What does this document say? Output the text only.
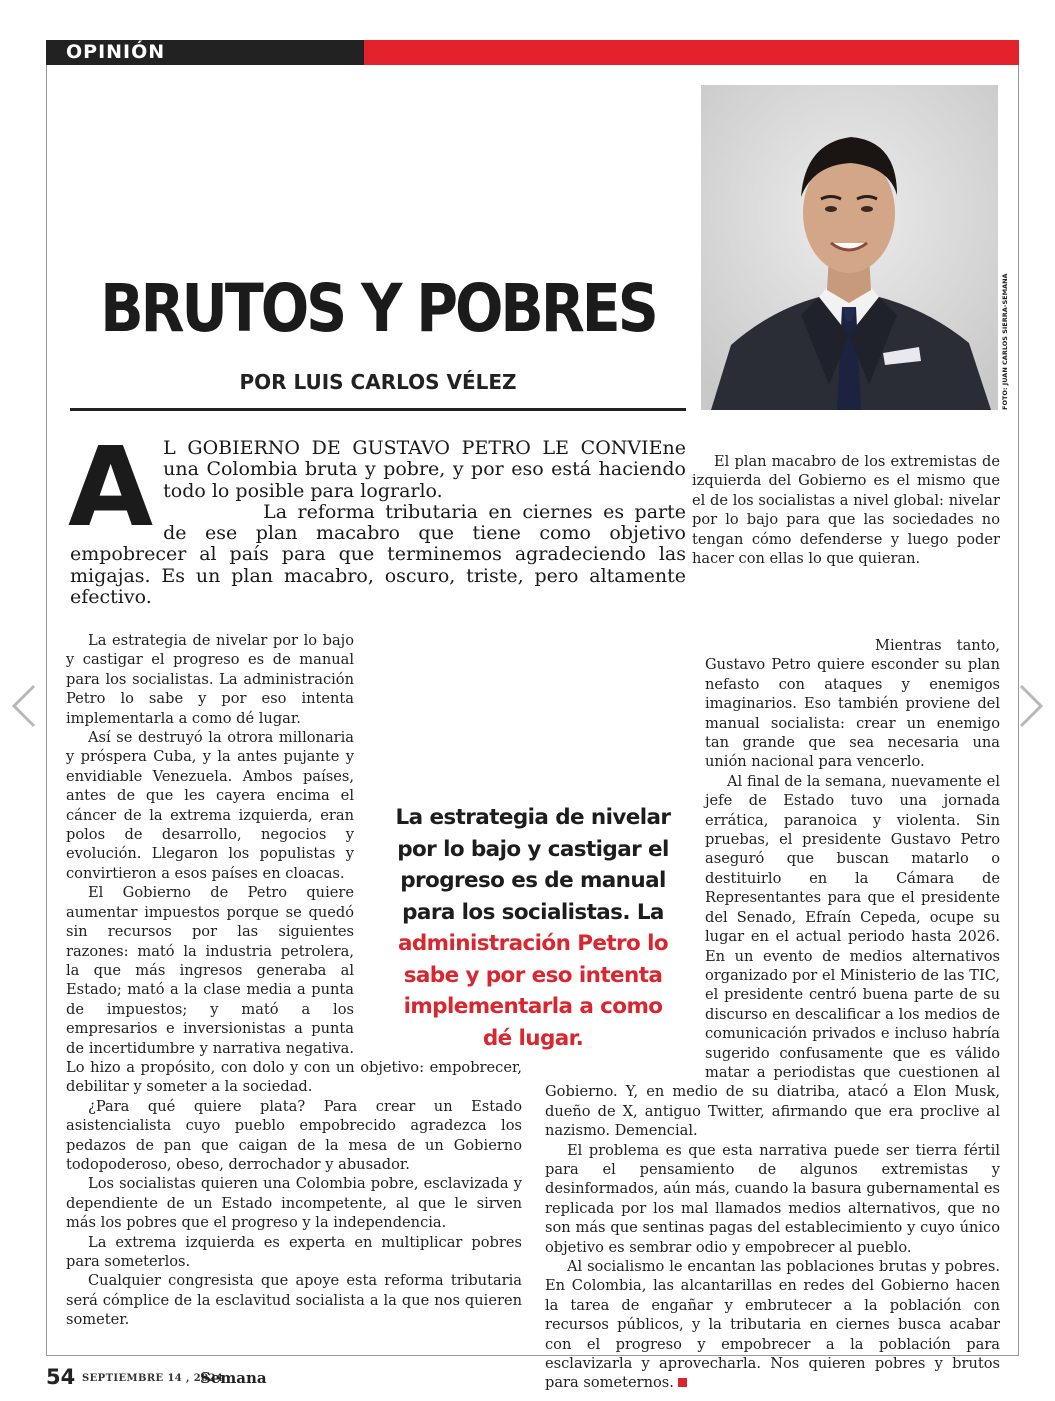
OPINIÓN
BRUTOS Y POBRES
POR LUIS CARLOS VÉLEZ	FOTO: JUAN CARLOS SIERRA-SEMANA
A L GOBIERNO DE GUSTAVO PETRO LE CONVIEne una Colombia bruta y pobre, y por eso está haciendo todo lo posible para lograrlo.

La reforma tributaria en ciernes es parte de ese plan macabro que tiene como objetivo empobrecer al país para que terminemos agradeciendo las migajas. Es un plan macabro, oscuro, triste, pero altamente efectivo.

La estrategia de nivelar por lo bajo y castigar el progreso es de manual para los socialistas. La administración Petro lo sabe y por eso intenta implementarla a como dé lugar.

Así se destruyó la otrora millonaria y próspera Cuba, y la antes pujante y envidiable Venezuela. Ambos países, antes de que les cayera encima el cáncer de la extrema izquierda, eran polos de desarrollo, negocios y evolución. Llegaron los populistas y convirtieron a esos países en cloacas.

El Gobierno de Petro quiere aumentar impuestos porque se quedó sin recursos por las siguientes razones: mató la industria petrolera, la que más ingresos generaba al Estado; mató a la clase media a punta de impuestos; y mató a los empresarios e inversionistas a punta de incertidumbre y narrativa negativa. Lo hizo a propósito, con dolo y con un objetivo: empobrecer, debilitar y someter a la sociedad.

¿Para qué quiere plata? Para crear un Estado asistencialista cuyo pueblo empobrecido agradezca los pedazos de pan que caigan de la mesa de un Gobierno todopoderoso, obeso, derrochador y abusador.

Los socialistas quieren una Colombia pobre, esclavizada y dependiente de un Estado incompetente, al que le sirven más los pobres que el progreso y la independencia.

La extrema izquierda es experta en multiplicar pobres para someterlos.

Cualquier congresista que apoye esta reforma tributaria será cómplice de la esclavitud socialista a la que nos quieren someter.

El plan macabro de los extremistas de izquierda del Gobierno es el mismo que el de los socialistas a nivel global: nivelar por lo bajo para que las sociedades no tengan cómo defenderse y luego poder hacer con ellas lo que quieran.

Mientras tanto, Gustavo Petro quiere esconder su plan nefasto con ataques y enemigos imaginarios. Eso también proviene del manual socialista: crear un enemigo tan grande que sea necesaria una unión nacional para vencerlo.

Al final de la semana, nuevamente el jefe de Estado tuvo una jornada errática, paranoica y violenta. Sin pruebas, el presidente Gustavo Petro aseguró que buscan matarlo o destituirlo en la Cámara de Representantes para que el presidente del Senado, Efraín Cepeda, ocupe su lugar en el actual periodo hasta 2026. En un evento de medios alternativos organizado por el Ministerio de las TIC, el presidente centró buena parte de su discurso en descalificar a los medios de comunicación privados e incluso habría sugerido confusamente que es válido matar a periodistas que cuestionen al Gobierno. Y, en medio de su diatriba, atacó a Elon Musk, dueño de X, antiguo Twitter, afirmando que era proclive al nazismo. Demencial.

El problema es que esta narrativa puede ser tierra fértil para el pensamiento de algunos extremistas y desinformados, aún más, cuando la basura gubernamental es replicada por los mal llamados medios alternativos, que no son más que sentinas pagas del establecimiento y cuyo único objetivo es sembrar odio y empobrecer al pueblo.

Al socialismo le encantan las poblaciones brutas y pobres. En Colombia, las alcantarillas en redes del Gobierno hacen la tarea de engañar y embrutecer a la población con recursos públicos, y la tributaria en ciernes busca acabar con el progreso y empobrecer a la población para esclavizarla y aprovecharla. Nos quieren pobres y brutos para someternos.

La estrategia de nivelar por lo bajo y castigar el progreso es de manual para los socialistas. La administración Petro lo sabe y por eso intenta implementarla a como dé lugar.
54 SEPTIEMBRE 14 , 2024
Semana
